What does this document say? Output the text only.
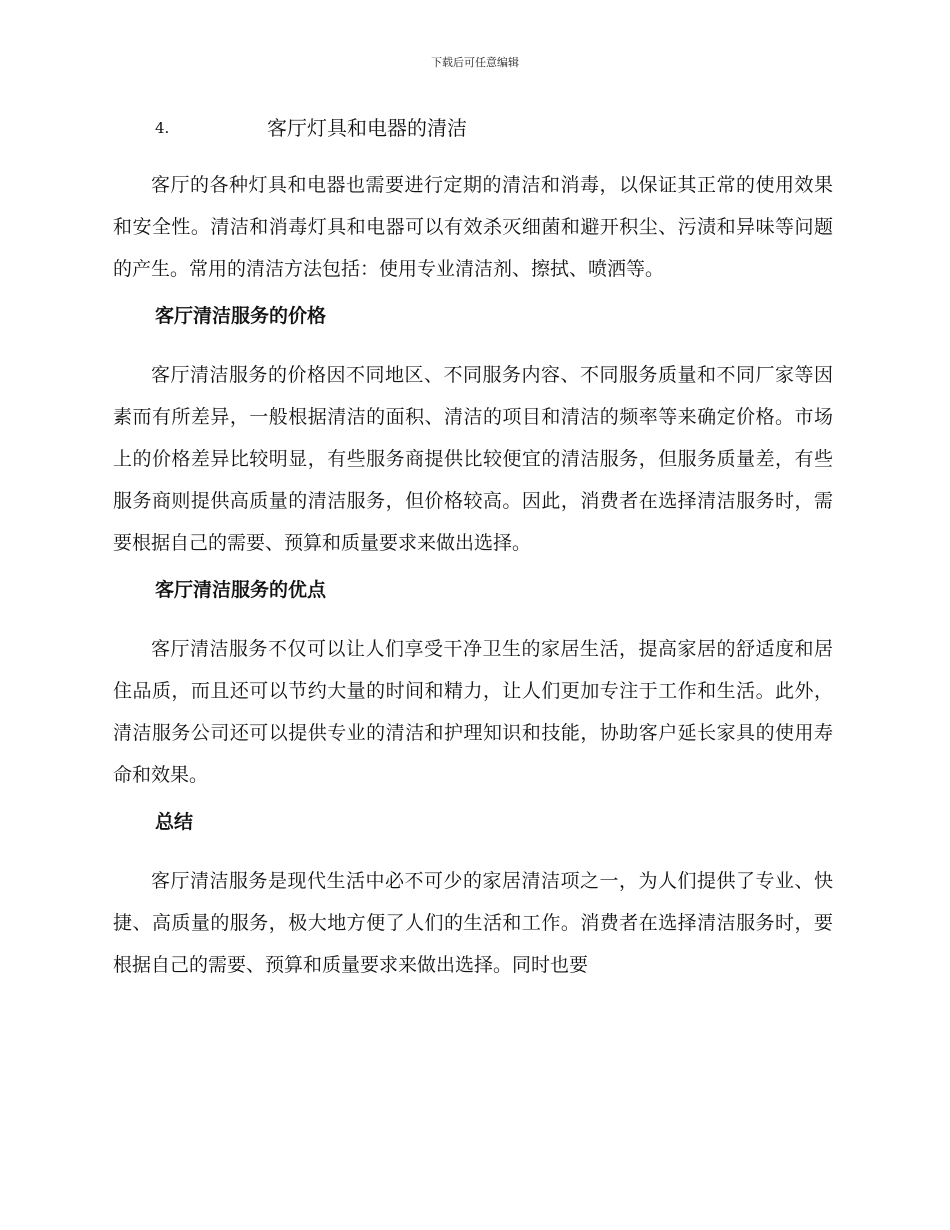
下载后可任意编辑
4.	客厅灯具和电器的清洁

客厅的各种灯具和电器也需要进行定期的清洁和消毒，以保证其正常的使用效果和安全性。清洁和消毒灯具和电器可以有效杀灭细菌和避开积尘、污渍和异味等问题的产生。常用的清洁方法包括：使用专业清洁剂、擦拭、喷洒等。

客厅清洁服务的价格

客厅清洁服务的价格因不同地区、不同服务内容、不同服务质量和不同厂家等因素而有所差异，一般根据清洁的面积、清洁的项目和清洁的频率等来确定价格。市场上的价格差异比较明显，有些服务商提供比较便宜的清洁服务，但服务质量差，有些服务商则提供高质量的清洁服务，但价格较高。因此，消费者在选择清洁服务时，需要根据自己的需要、预算和质量要求来做出选择。

客厅清洁服务的优点

客厅清洁服务不仅可以让人们享受干净卫生的家居生活，提高家居的舒适度和居住品质，而且还可以节约大量的时间和精力，让人们更加专注于工作和生活。此外，清洁服务公司还可以提供专业的清洁和护理知识和技能，协助客户延长家具的使用寿命和效果。

总结

客厅清洁服务是现代生活中必不可少的家居清洁项之一，为人们提供了专业、快捷、高质量的服务，极大地方便了人们的生活和工作。消费者在选择清洁服务时，要根据自己的需要、预算和质量要求来做出选择。同时也要
